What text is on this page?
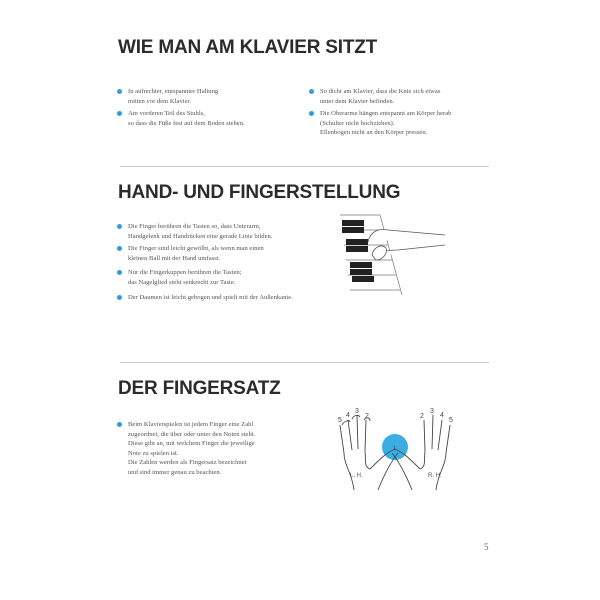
WIE MAN AM KLAVIER SITZT
In aufrechter, entspannter Haltung
mitten vor dem Klavier.
Am vorderen Teil des Stuhls,
so dass die Füße fest auf dem Boden stehen.
So dicht am Klavier, dass die Knie sich etwas
unter dem Klavier befinden.
Die Oberarme hängen entspannt am Körper herab
(Schulter nicht hochziehen).
Ellenbogen nicht an den Körper pressen.
HAND- UND FINGERSTELLUNG
Die Finger berühren die Tasten so, dass Unterarm,
Handgelenk und Handrücken eine gerade Linie bilden.
Die Finger sind leicht gewölbt, als wenn man einen
kleinen Ball mit der Hand umfasst.
Nur die Fingerkuppen berühren die Tasten;
das Nagelglied steht senkrecht zur Taste.
Der Daumen ist leicht gebogen und spielt mit der Außenkante.
DER FINGERSATZ
Beim Klavierspielen ist jedem Finger eine Zahl
zugeordnet, die über oder unter den Noten steht.
Diese gibt an, mit welchem Finger die jeweilige
Note zu spielen ist.
Die Zahlen werden als Fingersatz bezeichnet
und sind immer genau zu beachten.
5
4
3
2
1
2
3
4
5
L. H.	R. H.
5
